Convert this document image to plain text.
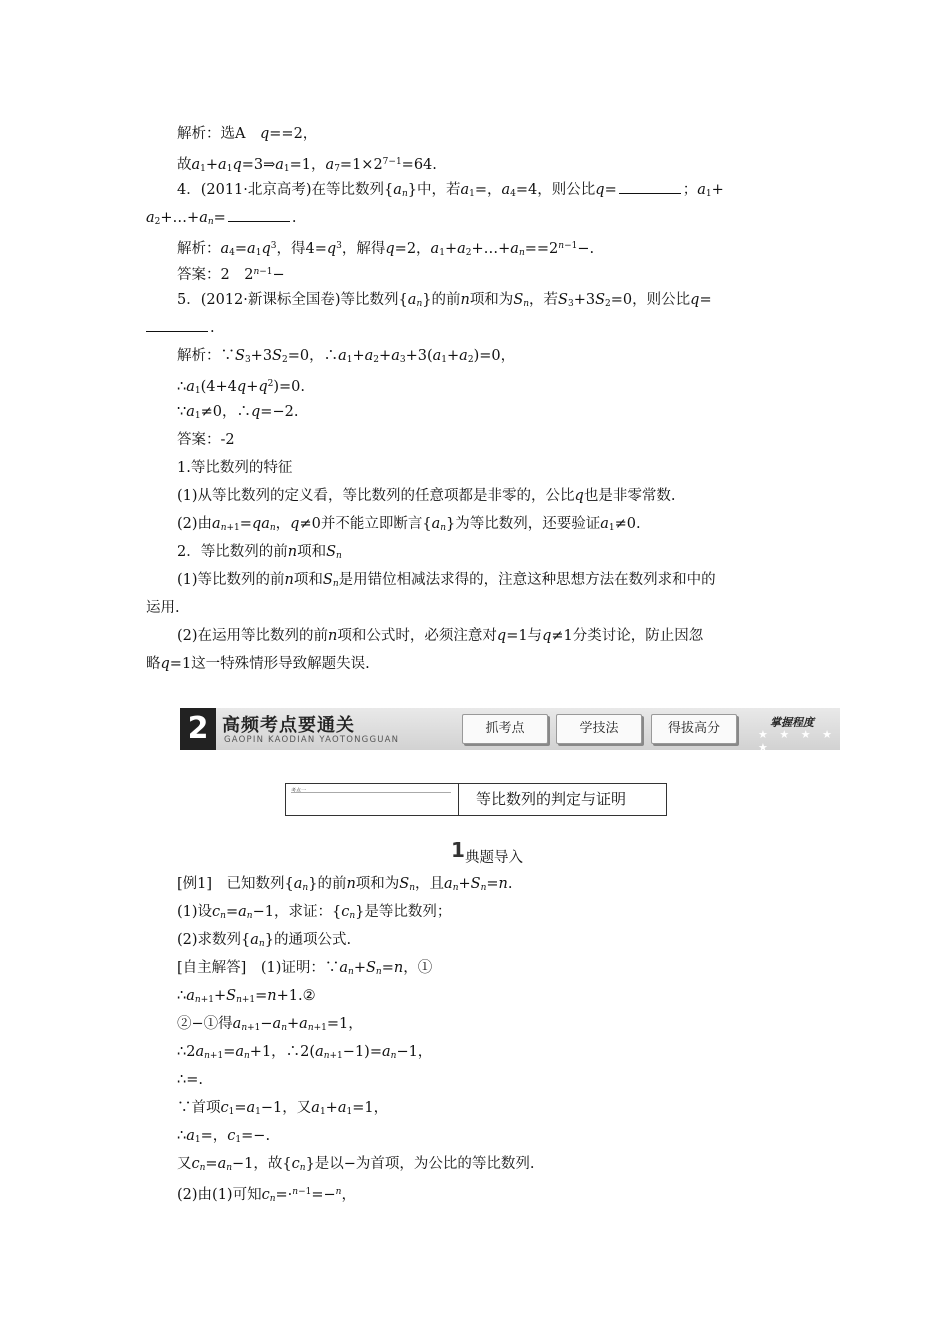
解析：选A　q==2，
故$a_1+a_1q=3\Rightarrow a_1=1$，$a_7=1\times 2^{7-1}=64$.
4．(2011·北京高考)在等比数列$\{a_n\}$中，若$a_1=$，$a_4=4$，则公比q=	；$a_1+$
$a_2+\dots+a_n=$	.
解析：$a_4=a_1q^3$，得$4=q^3$，解得q=2，$a_1+a_2+\dots+a_n==2^{n-1}-$.
答案：2　$2^{n-1}-$
5．(2012·新课标全国卷)等比数列$\{a_n\}$的前n项和为$S_n$，若$S_3+3S_2=0$，则公比q=
.
解析：$\because S_3+3S_2=0$，$\therefore a_1+a_2+a_3+3(a_1+a_2)=0$，
$\therefore a_1(4+4q+q^2)=0$.
$\because a_1\ne 0$，∴q=−2.
答案：-2
1.等比数列的特征
(1)从等比数列的定义看，等比数列的任意项都是非零的，公比q也是非零常数.
(2)由$a_{n+1}=qa_n$，q≠0并不能立即断言$\{a_n\}$为等比数列，还要验证$a_1\ne 0$.
2．等比数列的前n项和$S_n$
(1)等比数列的前n项和$S_n$是用错位相减法求得的，注意这种思想方法在数列求和中的
运用.
(2)在运用等比数列的前n项和公式时，必须注意对q=1与q≠1分类讨论，防止因忽
略q=1这一特殊情形导致解题失误.
2 高频考点要通关
GAOPIN KAODIAN YAOTONGGUAN
抓考点	学技法	得拔高分	掌握程度
★ ★ ★ ★ ★
考点一	等比数列的判定与证明
1 典题导入
[例1]　已知数列$\{a_n\}$的前n项和为$S_n$，且$a_n+S_n=n$.
(1)设$c_n=a_n-1$，求证：$\{c_n\}$是等比数列；
(2)求数列$\{a_n\}$的通项公式.
[自主解答]　(1)证明：$\because a_n+S_n=n$，①
$\therefore a_{n+1}+S_{n+1}=n+1.②$
②−①得$a_{n+1}-a_n+a_{n+1}=1$，
$\therefore 2a_{n+1}=a_n+1$，$\therefore 2(a_{n+1}-1)=a_n-1$，
∴=.
∵首项$c_1=a_1-1$，又$a_1+a_1=1$，
$\therefore a_1=$，$c_1=-$.
又$c_n=a_n-1$，故$\{c_n\}$是以−为首项，为公比的等比数列.
(2)由(1)可知$c_n=\cdot^{n-1}=-^n$，
